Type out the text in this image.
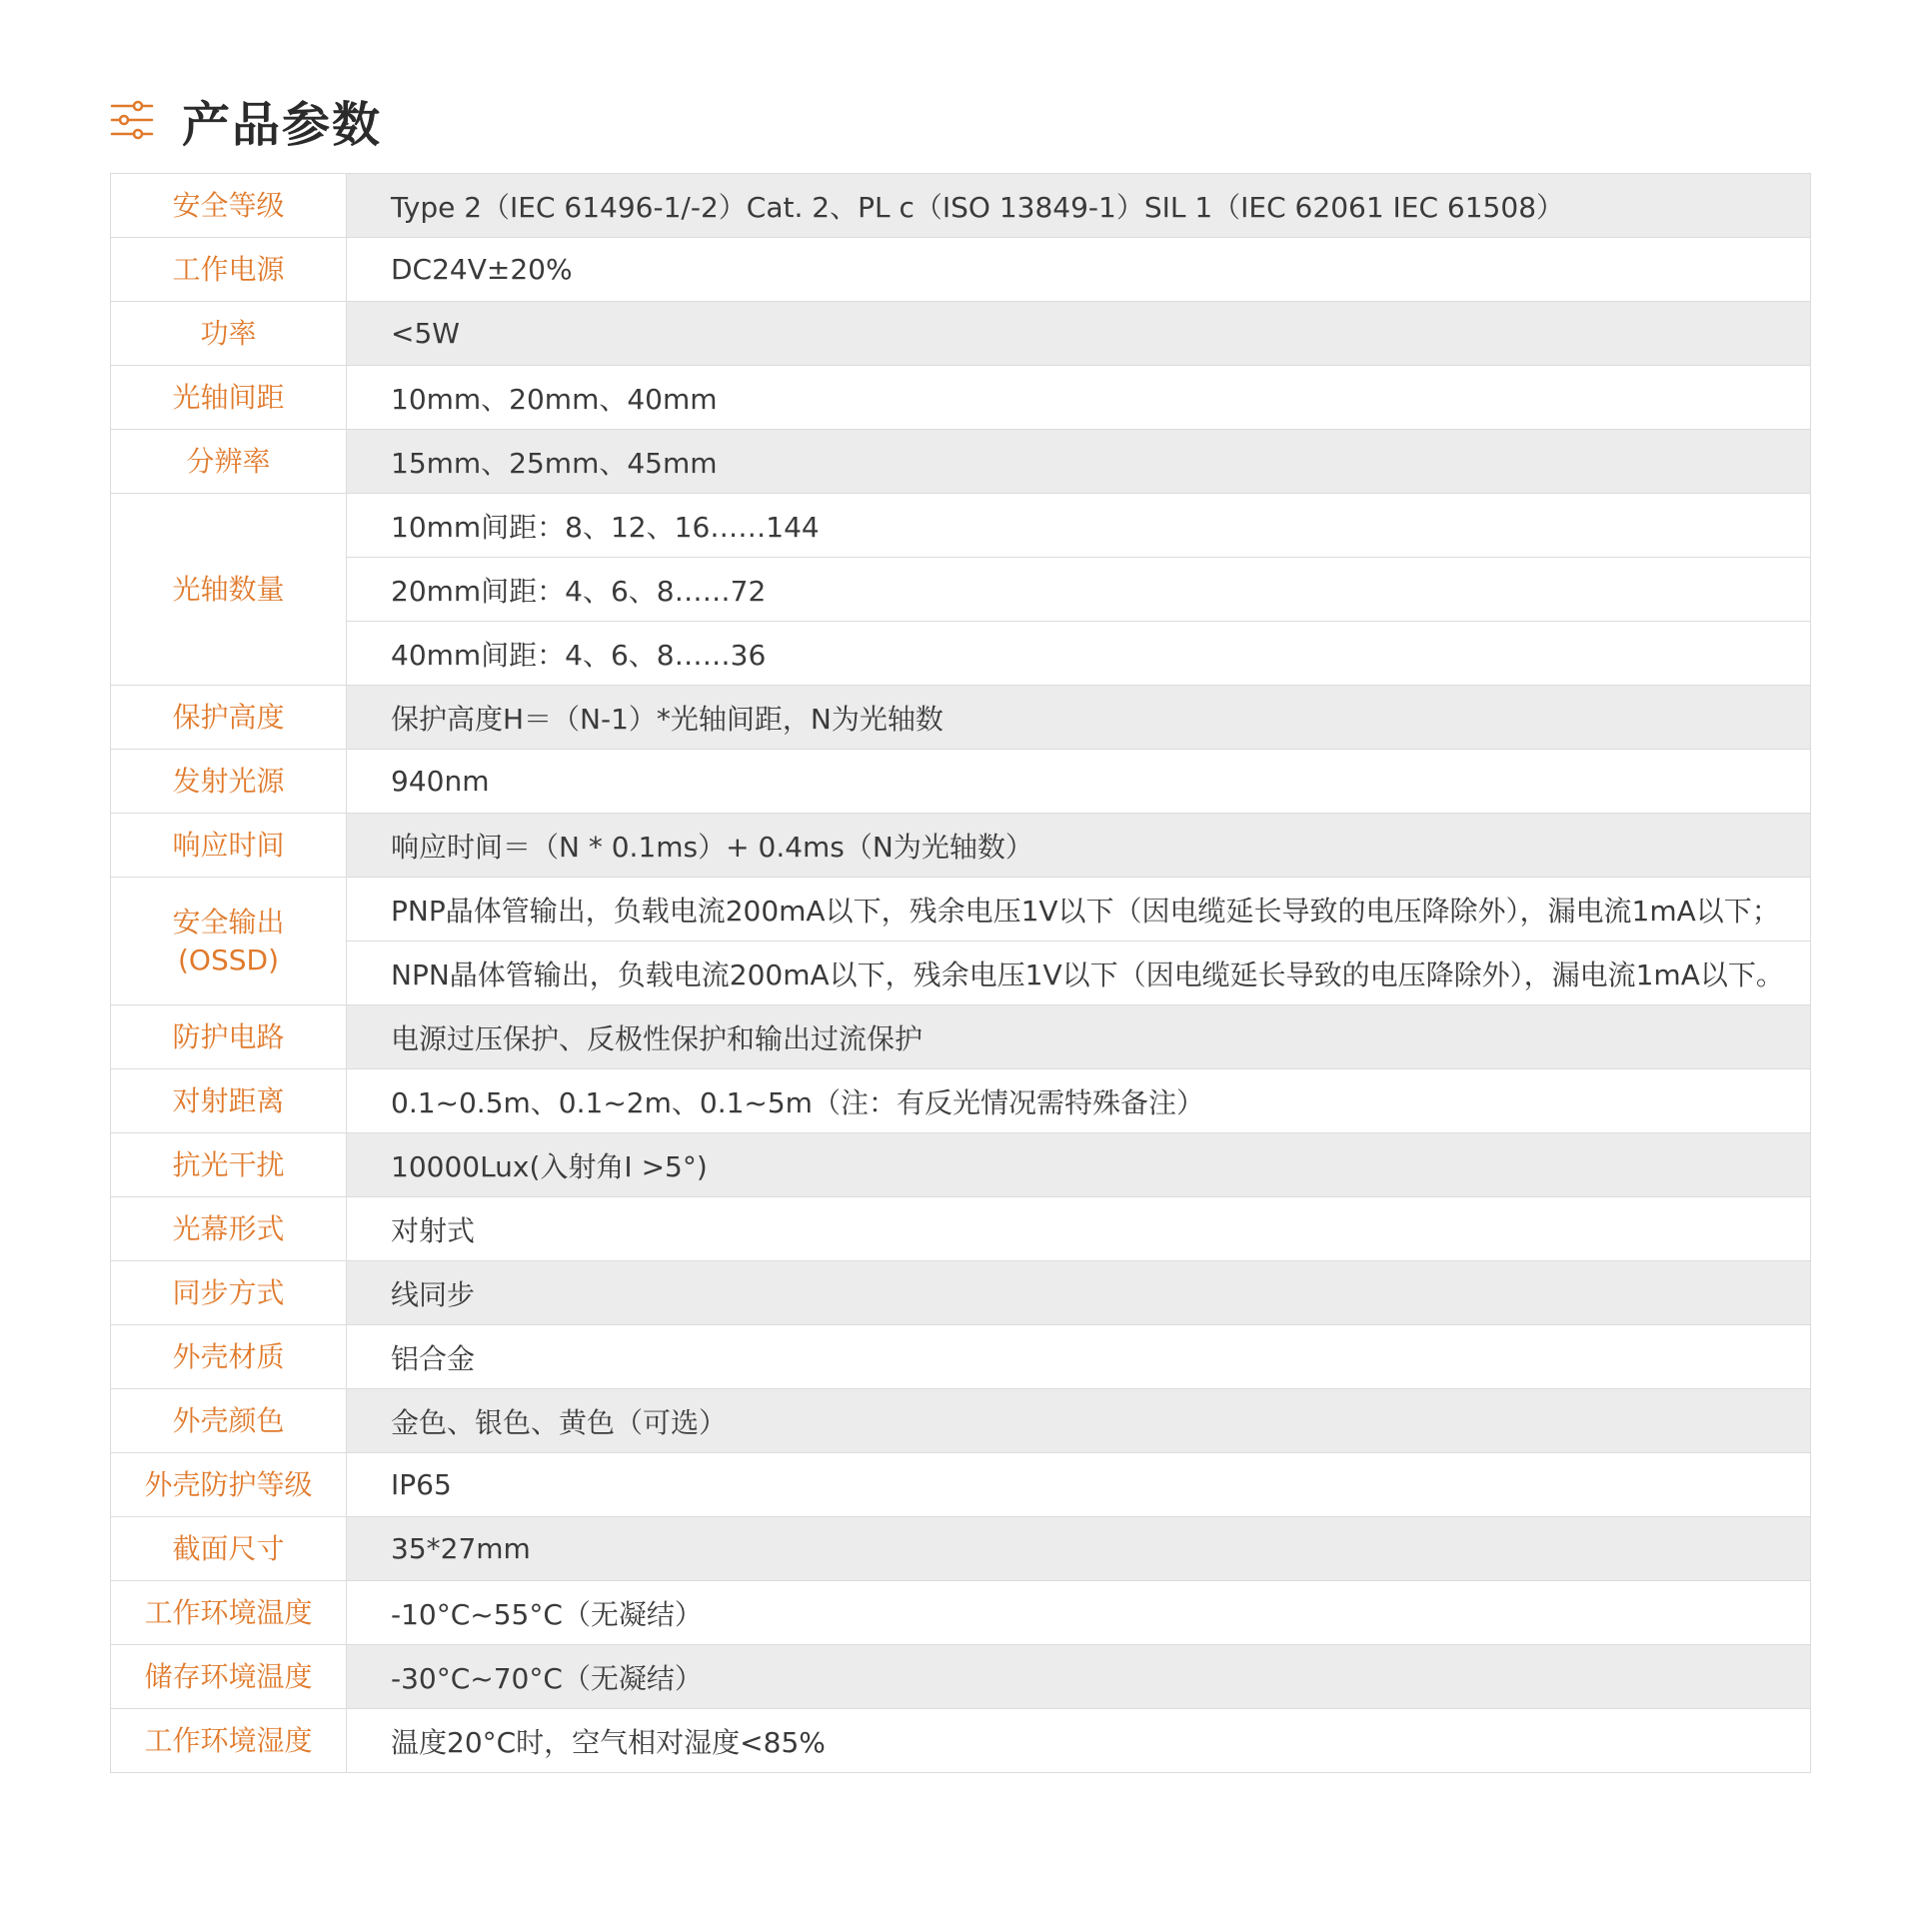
产品参数
安全等级	Type 2（IEC 61496-1/-2）Cat. 2、PL c（ISO 13849-1）SIL 1（IEC 62061 IEC 61508）
工作电源	DC24V±20%
功率	<5W
光轴间距	10mm、20mm、40mm
分辨率	15mm、25mm、45mm
光轴数量	10mm间距：8、12、16……144
	20mm间距：4、6、8……72
	40mm间距：4、6、8……36
保护高度	保护高度H＝（N-1）*光轴间距，N为光轴数
发射光源	940nm
响应时间	响应时间＝（N * 0.1ms）+ 0.4ms（N为光轴数）
安全输出
(OSSD)	PNP晶体管输出，负载电流200mA以下，残余电压1V以下（因电缆延长导致的电压降除外），漏电流1mA以下；
	NPN晶体管输出，负载电流200mA以下，残余电压1V以下（因电缆延长导致的电压降除外），漏电流1mA以下。
防护电路	电源过压保护、反极性保护和输出过流保护
对射距离	0.1~0.5m、0.1~2m、0.1~5m（注：有反光情况需特殊备注）
抗光干扰	10000Lux(入射角I >5°)
光幕形式	对射式
同步方式	线同步
外壳材质	铝合金
外壳颜色	金色、银色、黄色（可选）
外壳防护等级	IP65
截面尺寸	35*27mm
工作环境温度	-10°C~55°C（无凝结）
储存环境温度	-30°C~70°C（无凝结）
工作环境湿度	温度20°C时，空气相对湿度<85%
